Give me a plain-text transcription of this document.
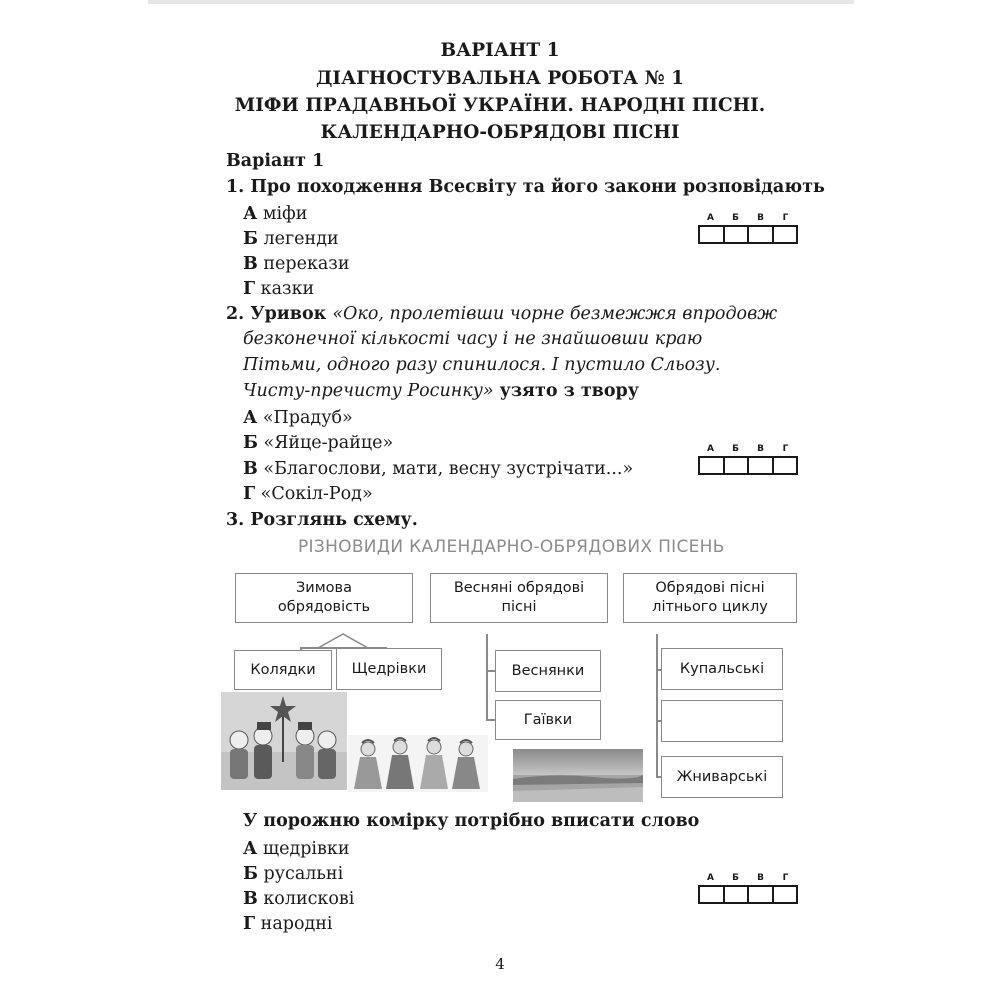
ВАРІАНТ 1
ДІАГНОСТУВАЛЬНА РОБОТА № 1
МІФИ ПРАДАВНЬОЇ УКРАЇНИ. НАРОДНІ ПІСНІ.
КАЛЕНДАРНО-ОБРЯДОВІ ПІСНІ
Варіант 1
1. Про походження Всесвіту та його закони розповідають
А міфи
Б легенди
В перекази
Г казки
А	Б	В	Г
2. Уривок «Око, пролетівши чорне безмежжя впродовж
безконечної кількості часу і не знайшовши краю
Пітьми, одного разу спинилося. І пустило Сльозу.
Чисту-пречисту Росинку» узято з твору
А «Прадуб»
Б «Яйце-райце»
В «Благослови, мати, весну зустрічати...»
Г «Сокіл-Род»
А	Б	В	Г
3. Розглянь схему.
РІЗНОВИДИ КАЛЕНДАРНО-ОБРЯДОВИХ ПІСЕНЬ
Зимова
обрядовість
Весняні обрядові
пісні
Обрядові пісні
літнього циклу
Колядки	Щедрівки	Веснянки
Гаївки
Купальські
Жниварські
У порожню комірку потрібно вписати слово
А щедрівки
Б русальні
В колискові
Г народні
А	Б	В	Г
4
